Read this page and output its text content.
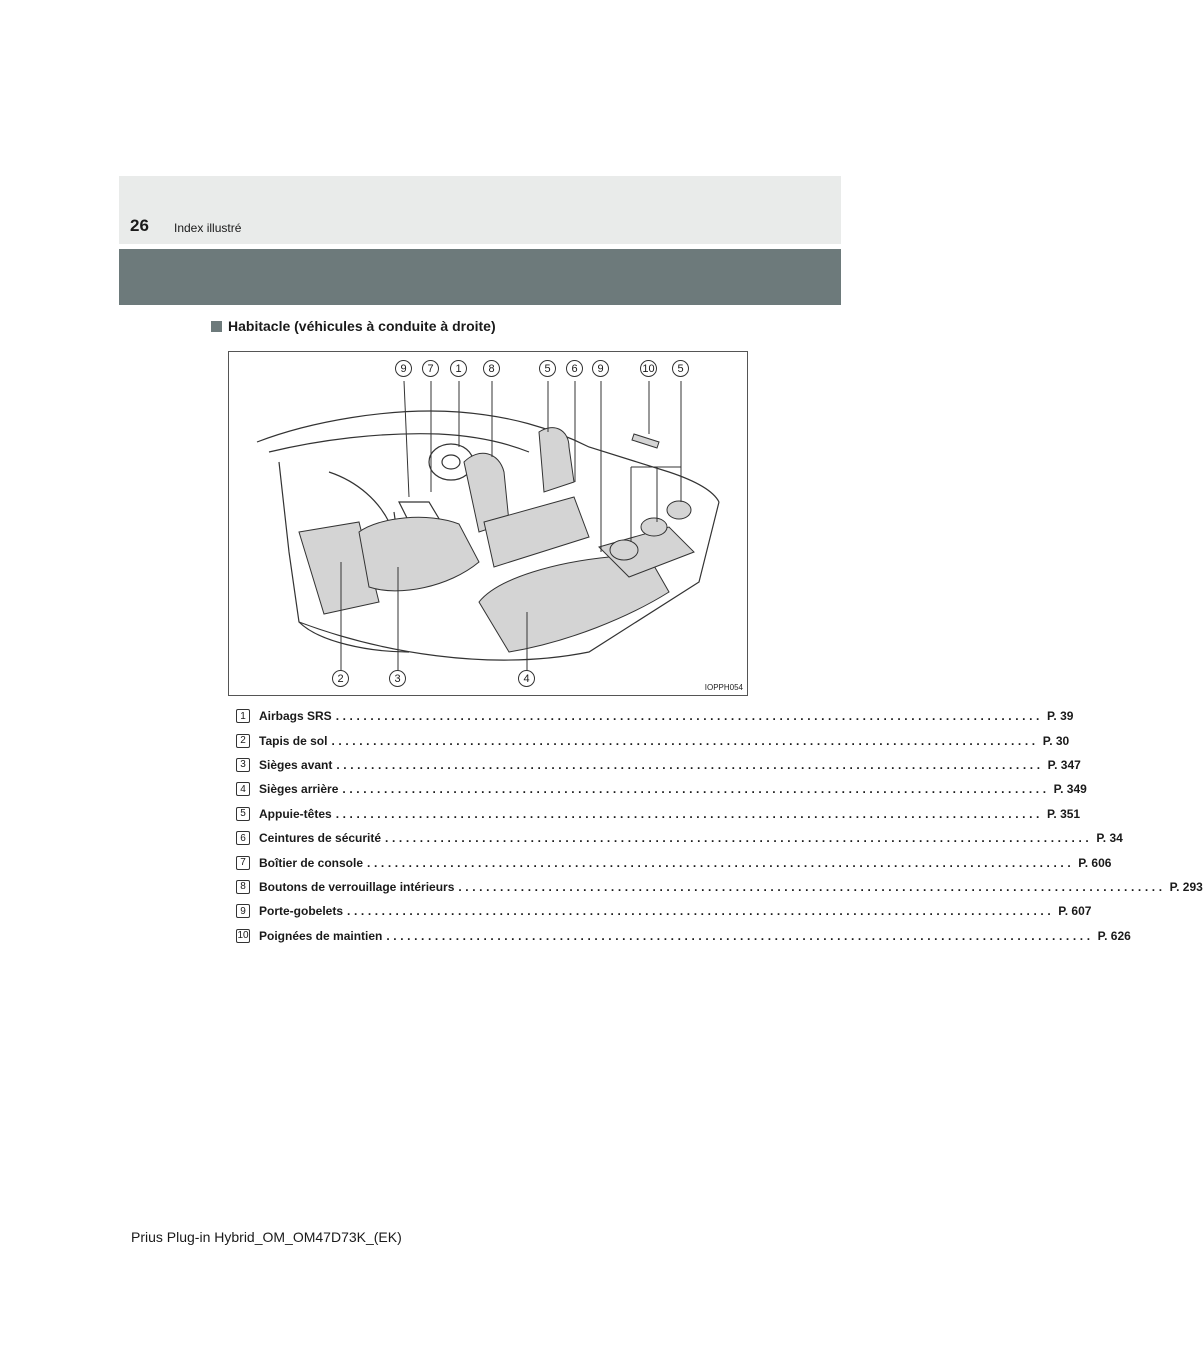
26 Index illustré
Habitacle (véhicules à conduite à droite)
9	7	1	8	5	6	9	10	5
2	3	4
IOPPH054
1	Airbags SRS ...................................................................................................... P. 39
2	Tapis de sol ...................................................................................................... P. 30
3	Sièges avant ...................................................................................................... P. 347
4	Sièges arrière ...................................................................................................... P. 349
5	Appuie-têtes ...................................................................................................... P. 351
6	Ceintures de sécurité ...................................................................................................... P. 34
7	Boîtier de console ...................................................................................................... P. 606
8	Boutons de verrouillage intérieurs ...................................................................................................... P. 293
9	Porte-gobelets ...................................................................................................... P. 607
10 Poignées de maintien ...................................................................................................... P. 626
Prius Plug-in Hybrid_OM_OM47D73K_(EK)
